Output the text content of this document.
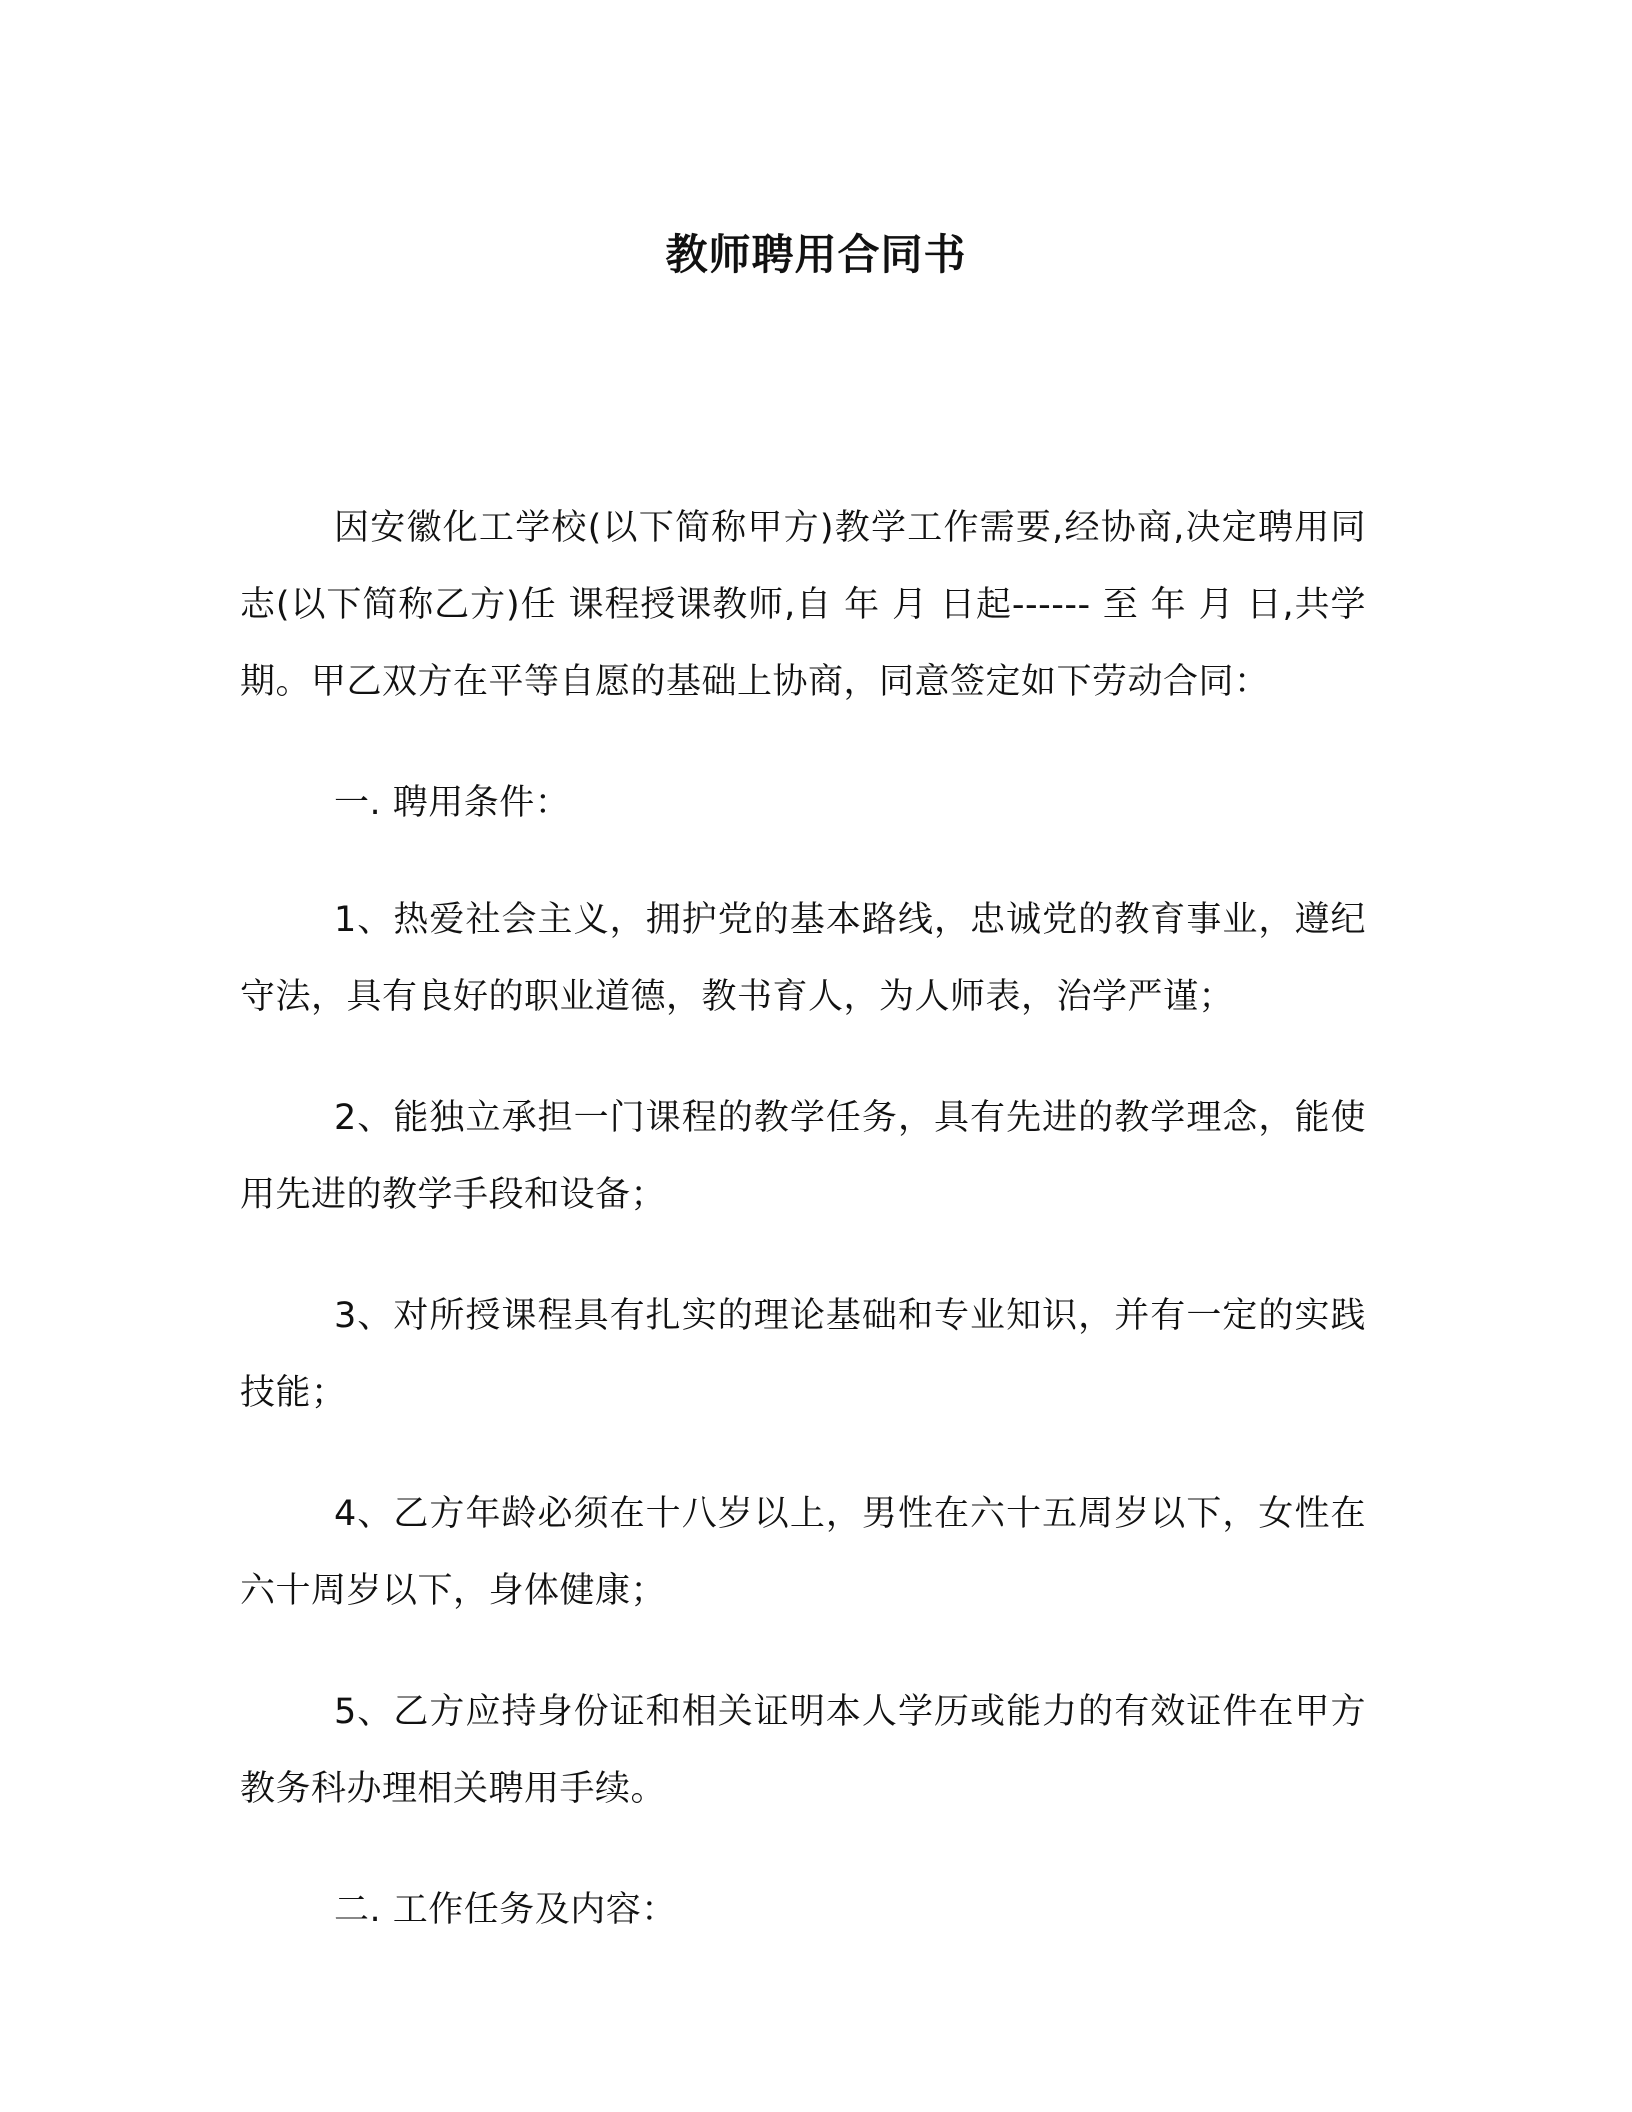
教师聘用合同书

因安徽化工学校(以下简称甲方)教学工作需要,经协商,决定聘用同志(以下简称乙方)任 课程授课教师,自 年 月 日起------ 至 年 月 日,共学期。甲乙双方在平等自愿的基础上协商，同意签定如下劳动合同：

一. 聘用条件：

1、热爱社会主义，拥护党的基本路线，忠诚党的教育事业，遵纪守法，具有良好的职业道德，教书育人，为人师表，治学严谨；

2、能独立承担一门课程的教学任务，具有先进的教学理念，能使用先进的教学手段和设备；

3、对所授课程具有扎实的理论基础和专业知识，并有一定的实践技能；

4、乙方年龄必须在十八岁以上，男性在六十五周岁以下，女性在六十周岁以下，身体健康；

5、乙方应持身份证和相关证明本人学历或能力的有效证件在甲方教务科办理相关聘用手续。

二. 工作任务及内容：
